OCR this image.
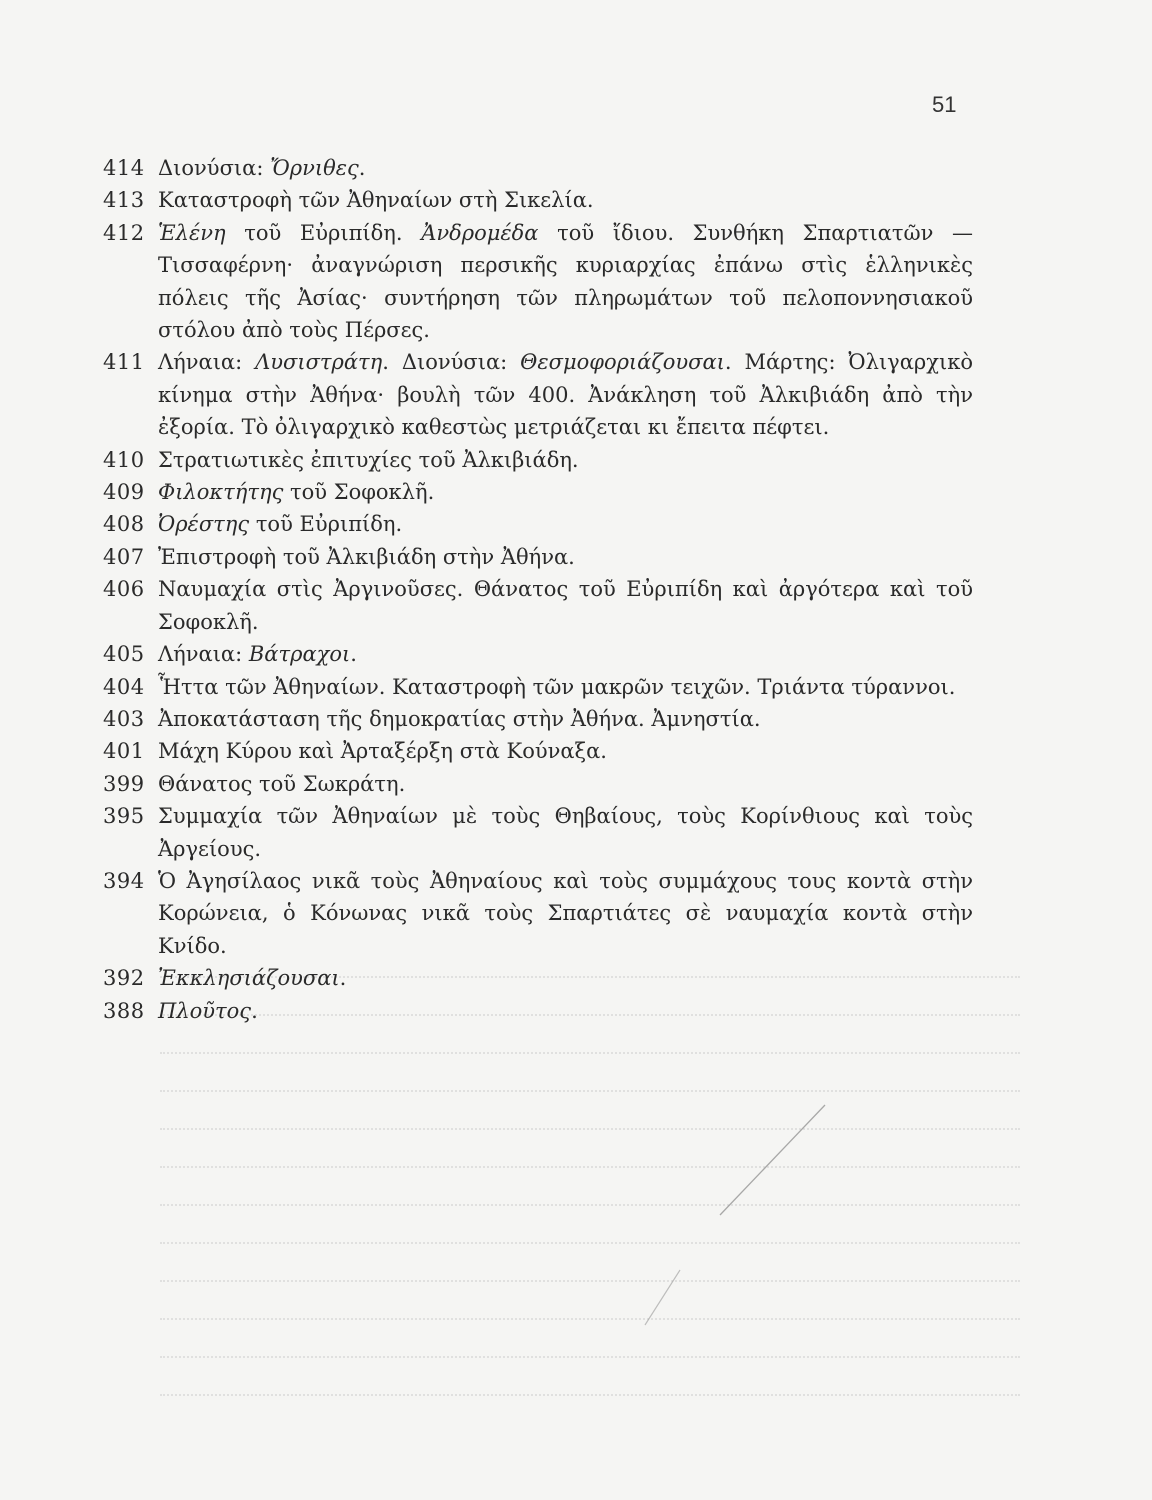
51
414 Διονύσια: Ὄρνιθες.
413 Καταστροφὴ τῶν Ἀθηναίων στὴ Σικελία.
412 Ἑλένη τοῦ Εὐριπίδη. Ἀνδρομέδα τοῦ ἴδιου. Συνθήκη Σπαρτιατῶν — Τισσαφέρνη· ἀναγνώριση περσικῆς κυριαρχίας ἐπάνω στὶς ἑλληνικὲς πόλεις τῆς Ἀσίας· συντήρηση τῶν πληρωμάτων τοῦ πελοποννησιακοῦ στόλου ἀπὸ τοὺς Πέρσες.
411 Λήναια: Λυσιστράτη. Διονύσια: Θεσμοφοριάζουσαι. Μάρτης: Ὀλιγαρχικὸ κίνημα στὴν Ἀθήνα· βουλὴ τῶν 400. Ἀνάκληση τοῦ Ἀλκιβιάδη ἀπὸ τὴν ἐξορία. Τὸ ὀλιγαρχικὸ καθεστὼς μετριάζεται κι ἔπειτα πέφτει.
410 Στρατιωτικὲς ἐπιτυχίες τοῦ Ἀλκιβιάδη.
409 Φιλοκτήτης τοῦ Σοφοκλῆ.
408 Ὀρέστης τοῦ Εὐριπίδη.
407 Ἐπιστροφὴ τοῦ Ἀλκιβιάδη στὴν Ἀθήνα.
406 Ναυμαχία στὶς Ἀργινοῦσες. Θάνατος τοῦ Εὐριπίδη καὶ ἀργότερα καὶ τοῦ Σοφοκλῆ.
405 Λήναια: Βάτραχοι.
404 Ἧττα τῶν Ἀθηναίων. Καταστροφὴ τῶν μακρῶν τειχῶν. Τριάντα τύραννοι.
403 Ἀποκατάσταση τῆς δημοκρατίας στὴν Ἀθήνα. Ἀμνηστία.
401 Μάχη Κύρου καὶ Ἀρταξέρξη στὰ Κούναξα.
399 Θάνατος τοῦ Σωκράτη.
395 Συμμαχία τῶν Ἀθηναίων μὲ τοὺς Θηβαίους, τοὺς Κορίνθιους καὶ τοὺς Ἀργείους.
394 Ὁ Ἀγησίλαος νικᾶ τοὺς Ἀθηναίους καὶ τοὺς συμμάχους τους κοντὰ στὴν Κορώνεια, ὁ Κόνωνας νικᾶ τοὺς Σπαρτιάτες σὲ ναυμαχία κοντὰ στὴν Κνίδο.
392 Ἐκκλησιάζουσαι.
388 Πλοῦτος.
